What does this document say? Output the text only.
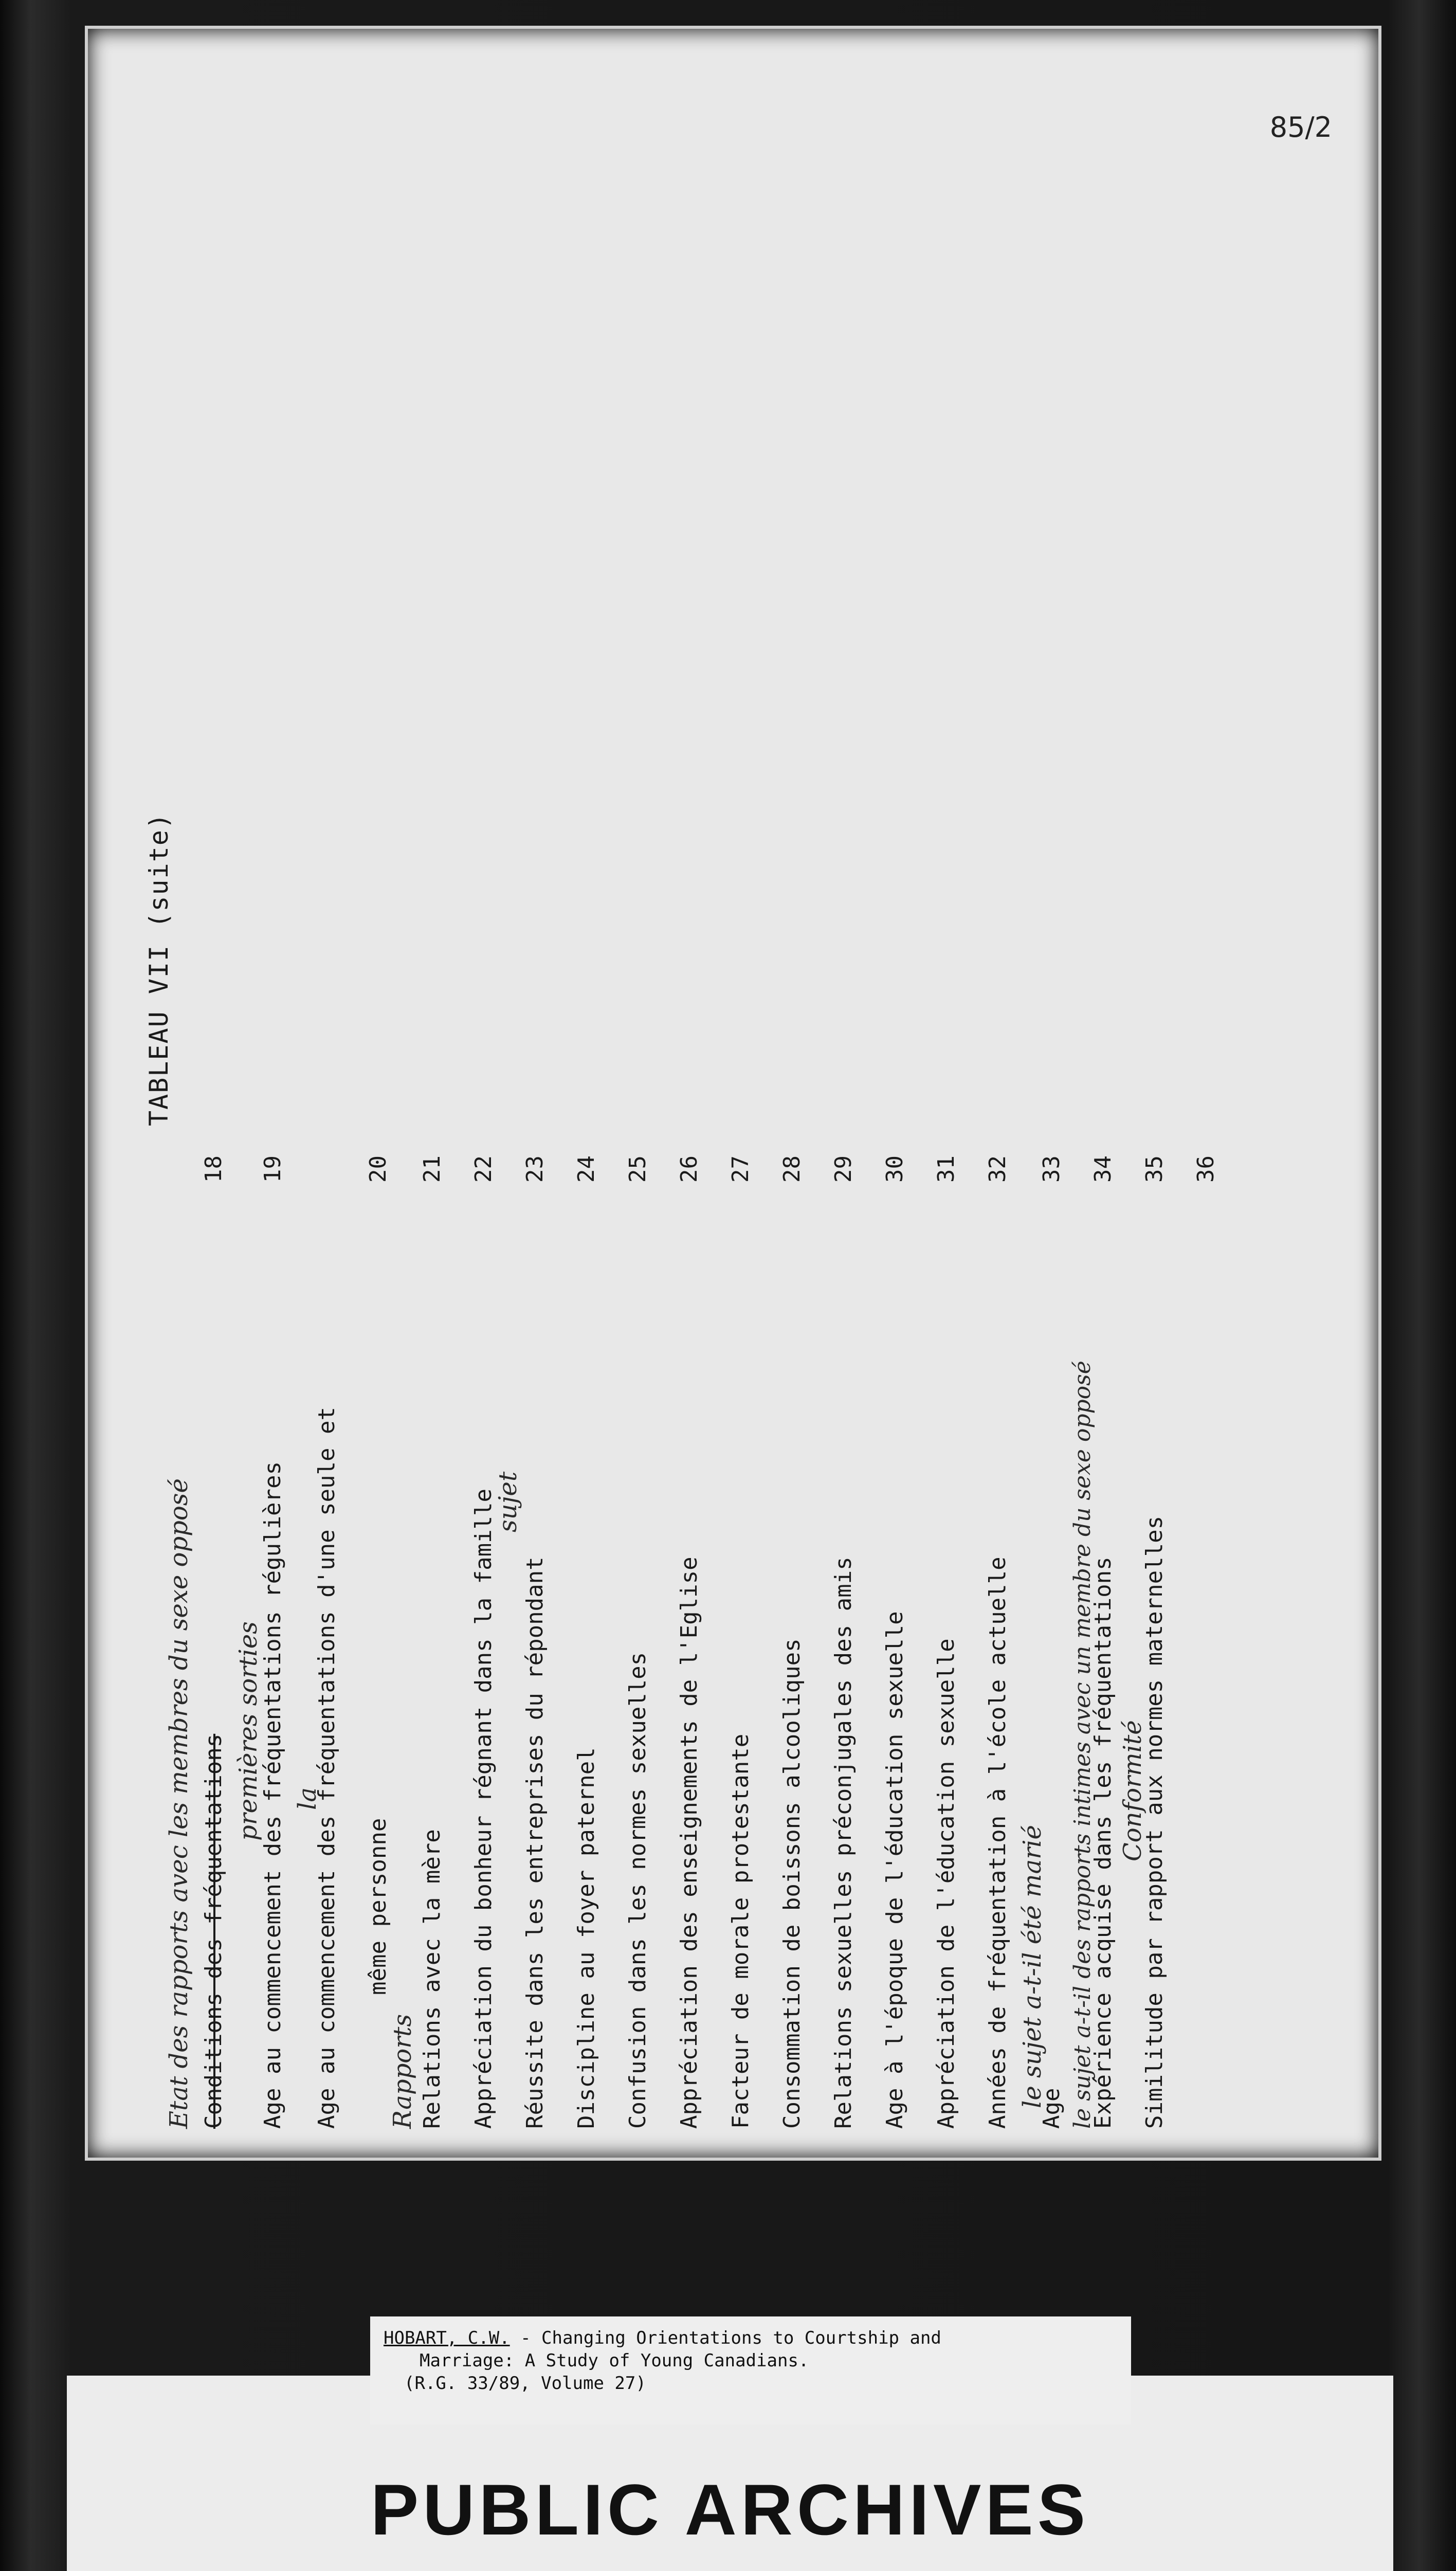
85/2
TABLEAU VII (suite)
Etat des rapports avec les membres du sexe opposé Conditions des fréquentations
18
premières sorties
Age au commencement des fréquentations régulières
19
la
Age au commencement des fréquentations d'une seule et même personne
20
Rapports Relations avec la mère
21
Appréciation du bonheur régnant dans la famille
22
sujet
Réussite dans les entreprises du répondant
23
Discipline au foyer paternel
24
Confusion dans les normes sexuelles
25
Appréciation des enseignements de l'Eglise
26
Facteur de morale protestante
27
Consommation de boissons alcooliques
28
Relations sexuelles préconjugales des amis
29
Age à l'époque de l'éducation sexuelle
30
Appréciation de l'éducation sexuelle
31
Années de fréquentation à l'école actuelle
32
le sujet a-t-il été marié
Age
33
le sujet a-t-il des rapports intimes avec un membre du sexe opposé
Expérience acquise dans les fréquentations
34
Conformité
Similitude par rapport aux normes maternelles
35 36
PUBLIC ARCHIVES
HOBART, C.W. - Changing Orientations to Courtship and
Marriage: A Study of Young Canadians.
(R.G. 33/89, Volume 27)
